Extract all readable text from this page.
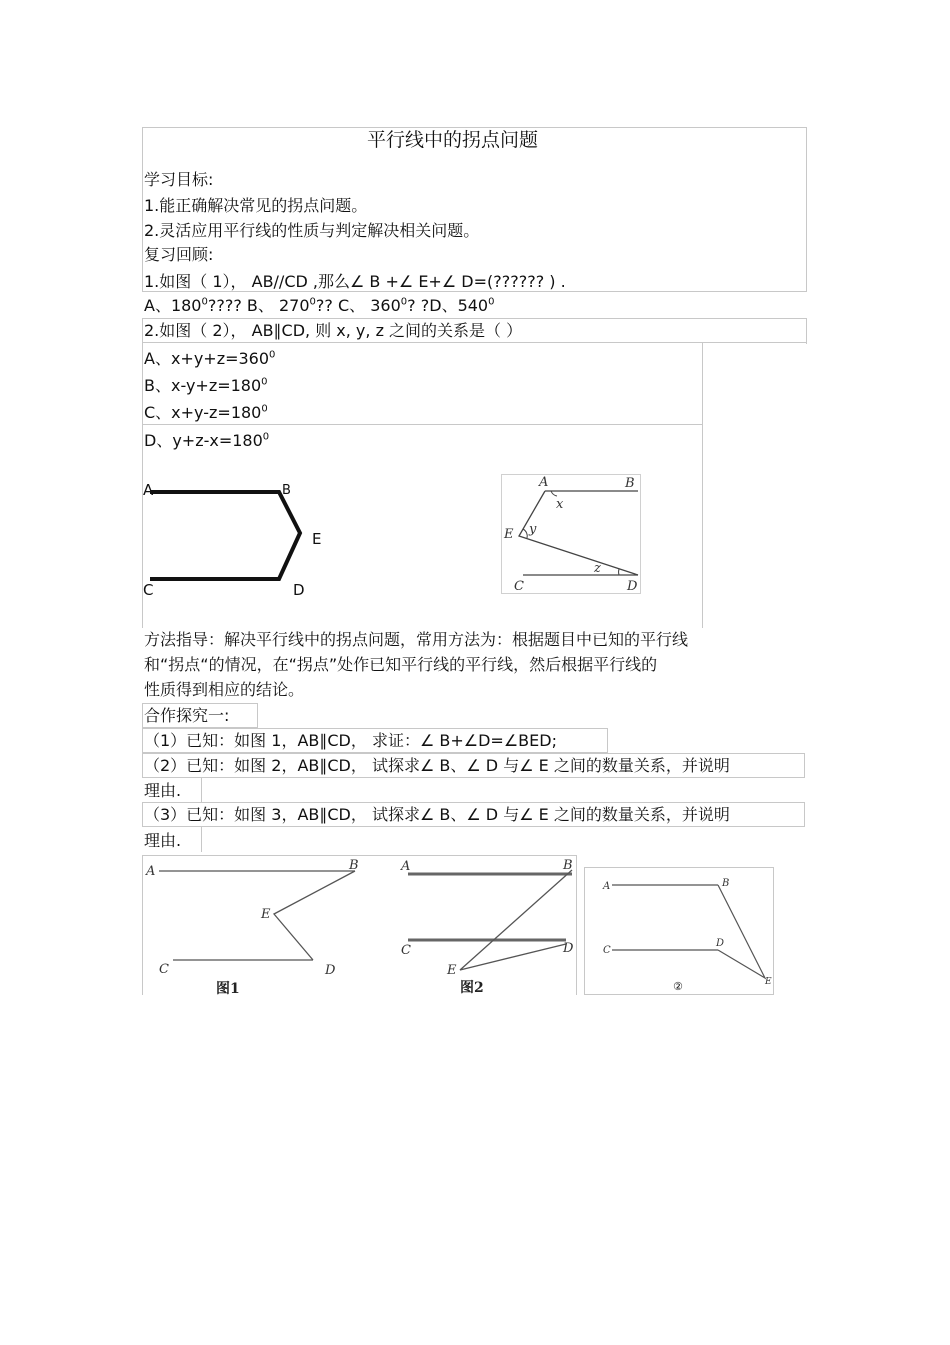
平行线中的拐点问题
学习目标:
1.能正确解决常见的拐点问题。
2.灵活应用平行线的性质与判定解决相关问题。
复习回顾:
1.如图（ 1）， AB//CD ,那么∠ B +∠ E+∠ D=(?????? ) .
A、$180^0$???? B、 $270^0$?? C、 $360^0$? ?D、$540^0$
2.如图（ 2）， AB∥CD, 则 x, y, z 之间的关系是（ ）
A、$x+y+z=360^0$
B、$x-y+z=180^0$
C、$x+y-z=180^0$
D、$y+z-x=180^0$
A	B
E
C	D
A	B
x
E y
z
C	D
方法指导：解决平行线中的拐点问题，常用方法为：根据题目中已知的平行线
和“拐点“的情况，在“拐点”处作已知平行线的平行线，然后根据平行线的
性质得到相应的结论。
合作探究一:
（1）已知：如图 1，AB∥CD， 求证：∠ B+∠D=∠BED;
（2）已知：如图 2，AB∥CD， 试探求∠ B、∠ D 与∠ E 之间的数量关系，并说明
理由.
（3）已知：如图 3，AB∥CD， 试探求∠ B、∠ D 与∠ E 之间的数量关系，并说明
理由.
A	B
E
C	D
图1
A	B
C	D
E
图2
A	B
C
D
E
②
